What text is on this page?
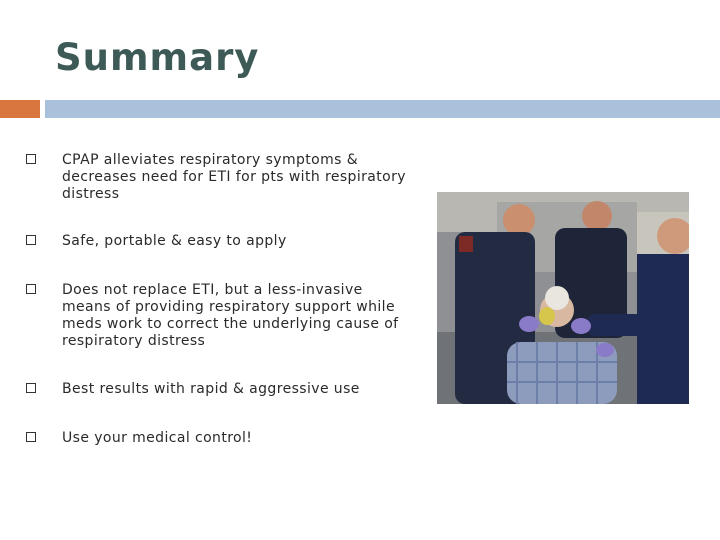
Summary
CPAP alleviates respiratory symptoms & decreases need for ETI for pts with respiratory distress
Safe, portable & easy to apply
Does not replace ETI, but a less-invasive means of providing respiratory support while meds work to correct the underlying cause of respiratory distress
Best results with rapid & aggressive use
Use your medical control!
